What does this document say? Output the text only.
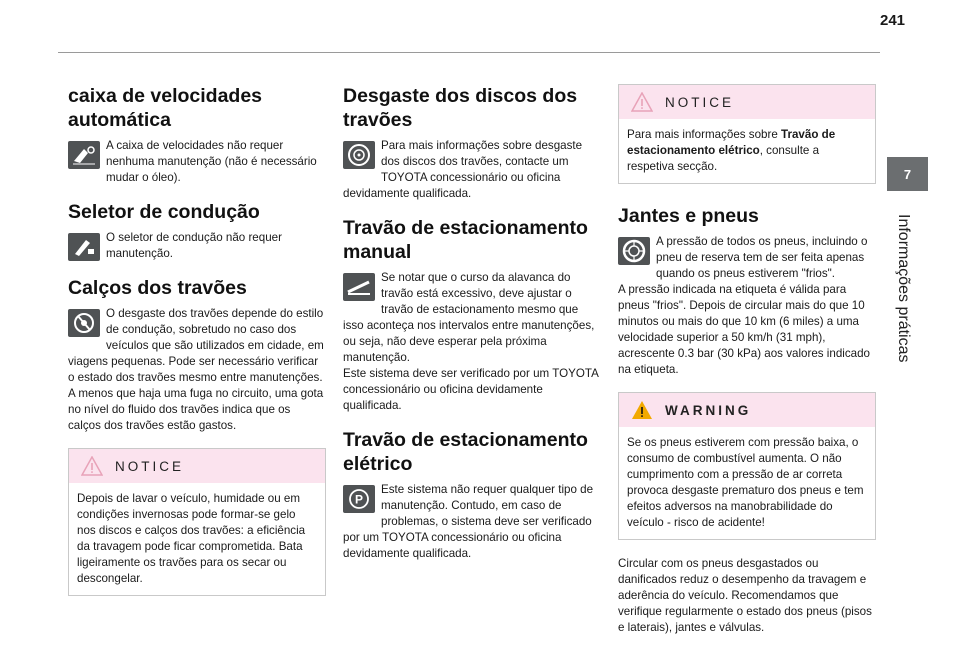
241
7
Informações práticas
caixa de velocidades
automática
A caixa de velocidades não requer nenhuma manutenção (não é necessário mudar o óleo).
Seletor de condução
O seletor de condução não requer manutenção.
Calços dos travões
O desgaste dos travões depende do estilo de condução, sobretudo no caso dos veículos que são utilizados em cidade, em viagens pequenas. Pode ser necessário verificar o estado dos travões mesmo entre manutenções.
A menos que haja uma fuga no circuito, uma gota no nível do fluido dos travões indica que os calços dos travões estão gastos.
NOTICE
Depois de lavar o veículo, humidade ou em condições invernosas pode formar-se gelo nos discos e calços dos travões: a eficiência da travagem pode ficar comprometida. Bata ligeiramente os travões para os secar ou descongelar.
Desgaste dos discos dos
travões
Para mais informações sobre desgaste dos discos dos travões, contacte um TOYOTA concessionário ou oficina devidamente qualificada.
Travão de estacionamento
manual
Se notar que o curso da alavanca do travão está excessivo, deve ajustar o travão de estacionamento mesmo que isso aconteça nos intervalos entre manutenções, ou seja, não deve esperar pela próxima manutenção.
Este sistema deve ser verificado por um TOYOTA concessionário ou oficina devidamente qualificada.
Travão de estacionamento
elétrico
P
Este sistema não requer qualquer tipo de manutenção. Contudo, em caso de problemas, o sistema deve ser verificado por um TOYOTA concessionário ou oficina devidamente qualificada.
NOTICE
Para mais informações sobre Travão de estacionamento elétrico, consulte a respetiva secção.
Jantes e pneus
A pressão de todos os pneus, incluindo o pneu de reserva tem de ser feita apenas quando os pneus estiverem "frios".
A pressão indicada na etiqueta é válida para pneus "frios". Depois de circular mais do que 10 minutos ou mais do que 10 km (6 miles) a uma velocidade superior a 50 km/h (31 mph), acrescente 0.3 bar (30 kPa) aos valores indicado na etiqueta.
WARNING
Se os pneus estiverem com pressão baixa, o consumo de combustível aumenta. O não cumprimento com a pressão de ar correta provoca desgaste prematuro dos pneus e tem efeitos adversos na manobrabilidade do veículo - risco de acidente!
Circular com os pneus desgastados ou danificados reduz o desempenho da travagem e aderência do veículo. Recomendamos que verifique regularmente o estado dos pneus (pisos e laterais), jantes e válvulas.
